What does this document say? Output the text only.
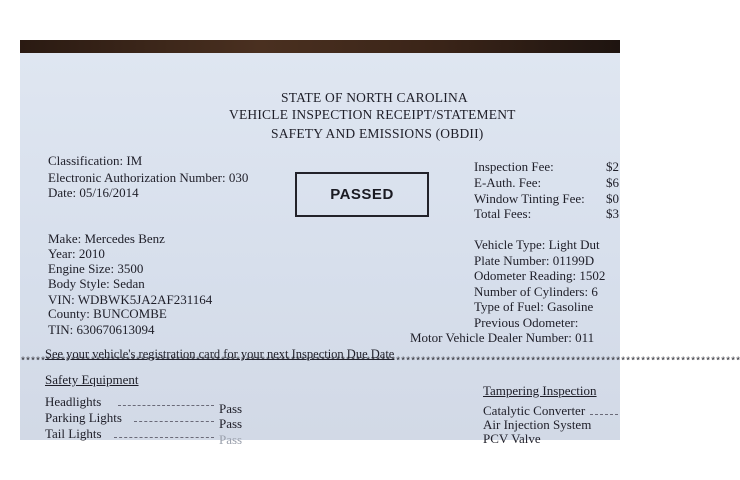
STATE OF NORTH CAROLINA
VEHICLE INSPECTION RECEIPT/STATEMENT
SAFETY AND EMISSIONS (OBDII)
Classification: IM
Electronic Authorization Number: 030
Date: 05/16/2014	PASSED
Inspection Fee:	$2
E-Auth. Fee:	$6
Window Tinting Fee: $0
Total Fees:	$3
Make: Mercedes Benz
Year: 2010
Engine Size: 3500
Body Style: Sedan
VIN: WDBWK5JA2AF231164
County: BUNCOMBE
TIN: 630670613094
Vehicle Type: Light Dut
Plate Number: 01199D
Odometer Reading: 1502
Number of Cylinders: 6
Type of Fuel: Gasoline
Previous Odometer:
Motor Vehicle Dealer Number: 011
See your vehicle's registration card for your next Inspection Due Date
************************************************************************************************************************************************
Safety Equipment
Headlights	Pass
Parking Lights	Pass
Tail Lights	Pass
Tampering Inspection
Catalytic Converter
Air Injection System
PCV Valve
